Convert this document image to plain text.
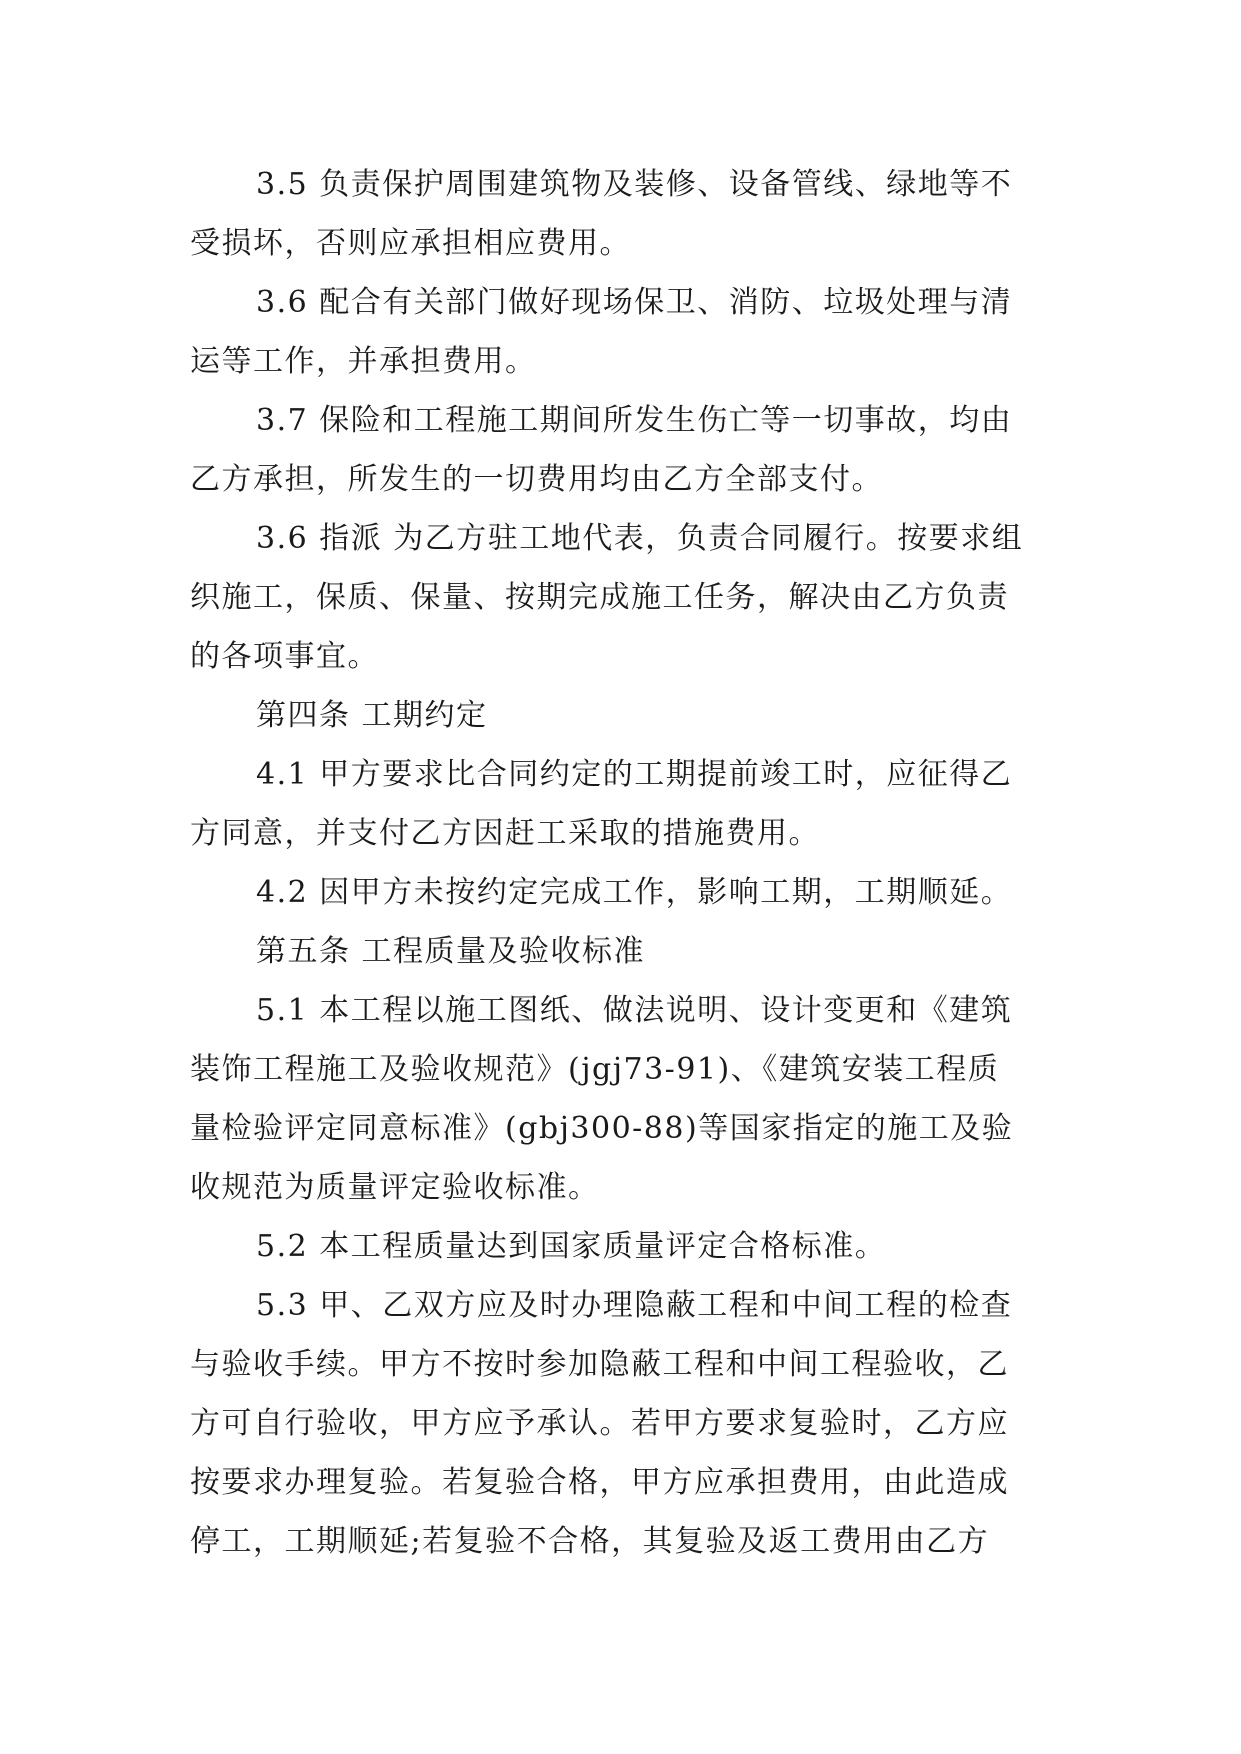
3.5 负责保护周围建筑物及装修、设备管线、绿地等不
受损坏，否则应承担相应费用。
3.6 配合有关部门做好现场保卫、消防、垃圾处理与清
运等工作，并承担费用。
3.7 保险和工程施工期间所发生伤亡等一切事故，均由
乙方承担，所发生的一切费用均由乙方全部支付。
3.6 指派 为乙方驻工地代表，负责合同履行。按要求组
织施工，保质、保量、按期完成施工任务，解决由乙方负责
的各项事宜。
第四条 工期约定
4.1 甲方要求比合同约定的工期提前竣工时，应征得乙
方同意，并支付乙方因赶工采取的措施费用。
4.2 因甲方未按约定完成工作，影响工期，工期顺延。
第五条 工程质量及验收标准
5.1 本工程以施工图纸、做法说明、设计变更和《建筑
装饰工程施工及验收规范》(jgj73-91)、《建筑安装工程质
量检验评定同意标准》(gbj300-88)等国家指定的施工及验
收规范为质量评定验收标准。
5.2 本工程质量达到国家质量评定合格标准。
5.3 甲、乙双方应及时办理隐蔽工程和中间工程的检查
与验收手续。甲方不按时参加隐蔽工程和中间工程验收，乙
方可自行验收，甲方应予承认。若甲方要求复验时，乙方应
按要求办理复验。若复验合格，甲方应承担费用，由此造成
停工，工期顺延;若复验不合格，其复验及返工费用由乙方
